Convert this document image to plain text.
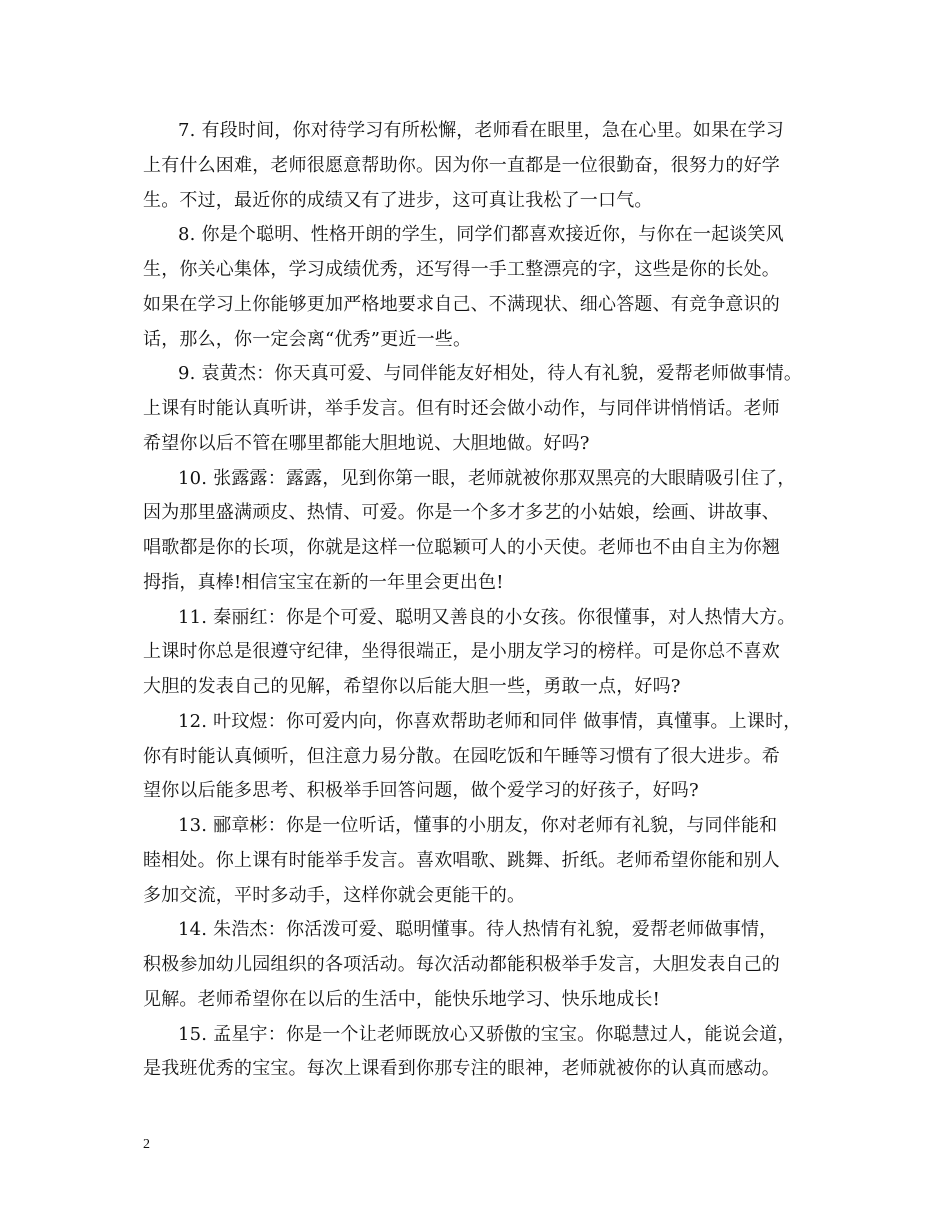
7. 有段时间，你对待学习有所松懈，老师看在眼里，急在心里。如果在学习
上有什么困难，老师很愿意帮助你。因为你一直都是一位很勤奋，很努力的好学
生。不过，最近你的成绩又有了进步，这可真让我松了一口气。
8. 你是个聪明、性格开朗的学生，同学们都喜欢接近你，与你在一起谈笑风
生，你关心集体，学习成绩优秀，还写得一手工整漂亮的字，这些是你的长处。
如果在学习上你能够更加严格地要求自己、不满现状、细心答题、有竞争意识的
话，那么，你一定会离“优秀”更近一些。
9. 袁黄杰：你天真可爱、与同伴能友好相处，待人有礼貌，爱帮老师做事情。
上课有时能认真听讲，举手发言。但有时还会做小动作，与同伴讲悄悄话。老师
希望你以后不管在哪里都能大胆地说、大胆地做。好吗?
10. 张露露：露露，见到你第一眼，老师就被你那双黑亮的大眼睛吸引住了，
因为那里盛满顽皮、热情、可爱。你是一个多才多艺的小姑娘，绘画、讲故事、
唱歌都是你的长项，你就是这样一位聪颖可人的小天使。老师也不由自主为你翘
拇指，真棒!相信宝宝在新的一年里会更出色!
11. 秦丽红：你是个可爱、聪明又善良的小女孩。你很懂事，对人热情大方。
上课时你总是很遵守纪律，坐得很端正，是小朋友学习的榜样。可是你总不喜欢
大胆的发表自己的见解，希望你以后能大胆一些，勇敢一点，好吗?
12. 叶玟煜：你可爱内向，你喜欢帮助老师和同伴 做事情，真懂事。上课时，
你有时能认真倾听，但注意力易分散。在园吃饭和午睡等习惯有了很大进步。希
望你以后能多思考、积极举手回答问题，做个爱学习的好孩子，好吗?
13. 郦章彬：你是一位听话，懂事的小朋友，你对老师有礼貌，与同伴能和
睦相处。你上课有时能举手发言。喜欢唱歌、跳舞、折纸。老师希望你能和别人
多加交流，平时多动手，这样你就会更能干的。
14. 朱浩杰：你活泼可爱、聪明懂事。待人热情有礼貌，爱帮老师做事情，
积极参加幼儿园组织的各项活动。每次活动都能积极举手发言，大胆发表自己的
见解。老师希望你在以后的生活中，能快乐地学习、快乐地成长!
15. 孟星宇：你是一个让老师既放心又骄傲的宝宝。你聪慧过人，能说会道，
是我班优秀的宝宝。每次上课看到你那专注的眼神，老师就被你的认真而感动。
2
